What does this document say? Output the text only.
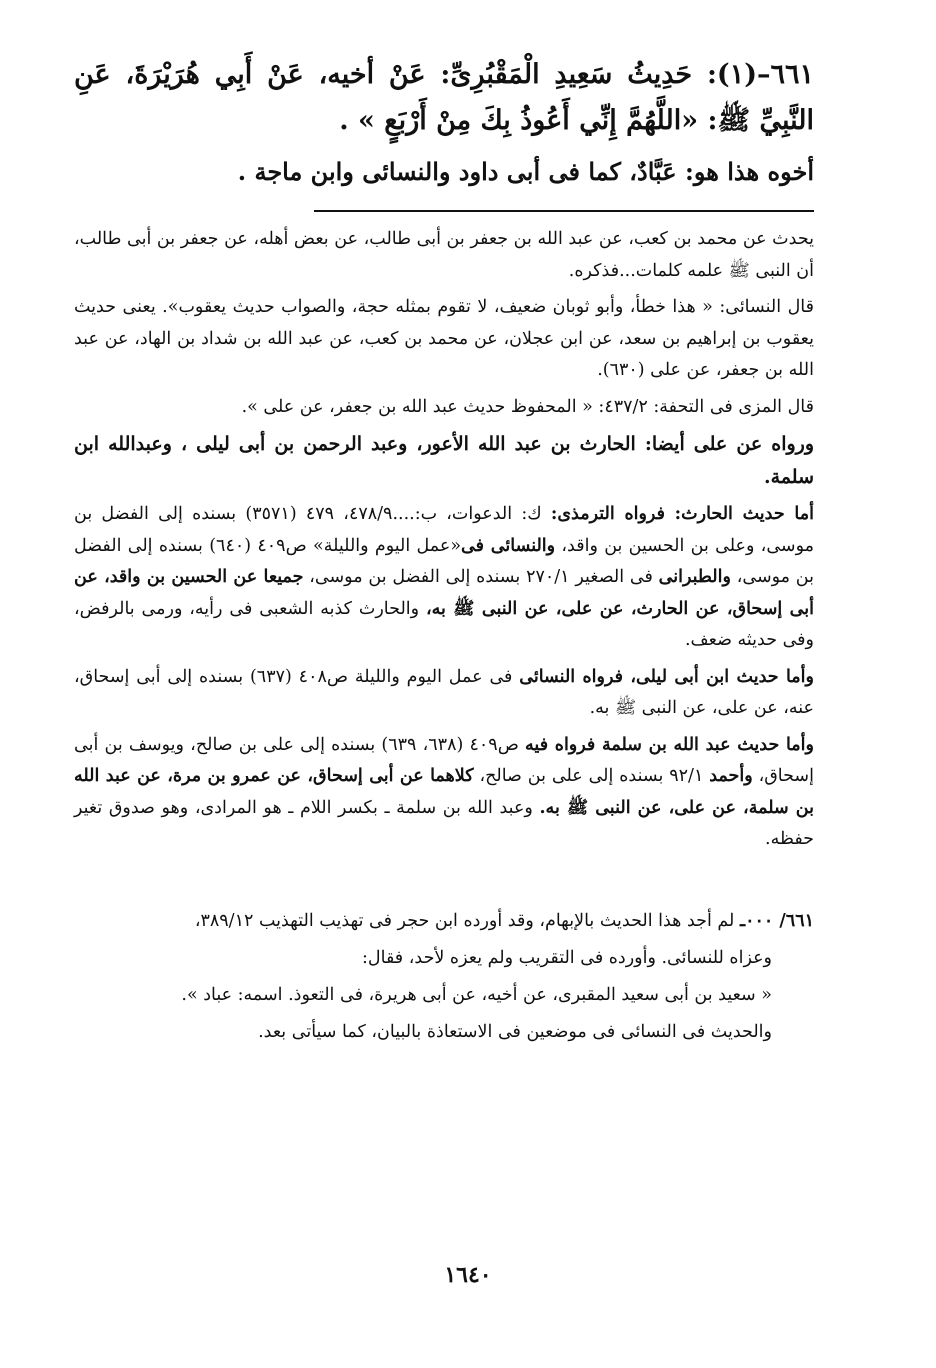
٦٦١–(١): حَدِيثُ سَعِيدِ الْمَقْبُرِىِّ: عَنْ أخيه، عَنْ أَبِي هُرَيْرَةَ، عَنِ النَّبِيِّ ﷺ: «اللَّهُمَّ إِنِّي أَعُوذُ بِكَ مِنْ أَرْبَعٍ » .
أخوه هذا هو: عَبَّادٌ، كما فى أبى داود والنسائى وابن ماجة .

يحدث عن محمد بن كعب، عن عبد الله بن جعفر بن أبى طالب، عن بعض أهله، عن جعفر بن أبى طالب، أن النبى ﷺ علمه كلمات...فذكره.

قال النسائى: « هذا خطأ، وأبو ثوبان ضعيف، لا تقوم بمثله حجة، والصواب حديث يعقوب». يعنى حديث يعقوب بن إبراهيم بن سعد، عن ابن عجلان، عن محمد بن كعب، عن عبد الله بن شداد بن الهاد، عن عبد الله بن جعفر، عن على (٦٣٠).

قال المزى فى التحفة: ٤٣٧/٢: « المحفوظ حديث عبد الله بن جعفر، عن على ».

ورواه عن على أيضا: الحارث بن عبد الله الأعور، وعبد الرحمن بن أبى ليلى ، وعبدالله ابن سلمة.

أما حديث الحارث: فرواه الترمذى: ك: الدعوات، ب:....٤٧٨/٩، ٤٧٩ (٣٥٧١) بسنده إلى الفضل بن موسى، وعلى بن الحسين بن واقد، والنسائى فى«عمل اليوم والليلة» ص٤٠٩ (٦٤٠) بسنده إلى الفضل بن موسى، والطبرانى فى الصغير ٢٧٠/١ بسنده إلى الفضل بن موسى، جميعا عن الحسين بن واقد، عن أبى إسحاق، عن الحارث، عن على، عن النبى ﷺ به، والحارث كذبه الشعبى فى رأيه، ورمى بالرفض، وفى حديثه ضعف.

وأما حديث ابن أبى ليلى، فرواه النسائى فى عمل اليوم والليلة ص٤٠٨ (٦٣٧) بسنده إلى أبى إسحاق، عنه، عن على، عن النبى ﷺ به.

وأما حديث عبد الله بن سلمة فرواه فيه ص٤٠٩ (٦٣٨، ٦٣٩) بسنده إلى على بن صالح، ويوسف بن أبى إسحاق، وأحمد ٩٢/١ بسنده إلى على بن صالح، كلاهما عن أبى إسحاق، عن عمرو بن مرة، عن عبد الله بن سلمة، عن على، عن النبى ﷺ به. وعبد الله بن سلمة ـ بكسر اللام ـ هو المرادى، وهو صدوق تغير حفظه.

٦٦١/ ٠٠٠ـ لم أجد هذا الحديث بالإبهام، وقد أورده ابن حجر فى تهذيب التهذيب ٣٨٩/١٢،

وعزاه للنسائى. وأورده فى التقريب ولم يعزه لأحد، فقال:

« سعيد بن أبى سعيد المقبرى، عن أخيه، عن أبى هريرة، فى التعوذ. اسمه: عباد ».

والحديث فى النسائى فى موضعين فى الاستعاذة بالبيان، كما سيأتى بعد.

١٦٤٠
